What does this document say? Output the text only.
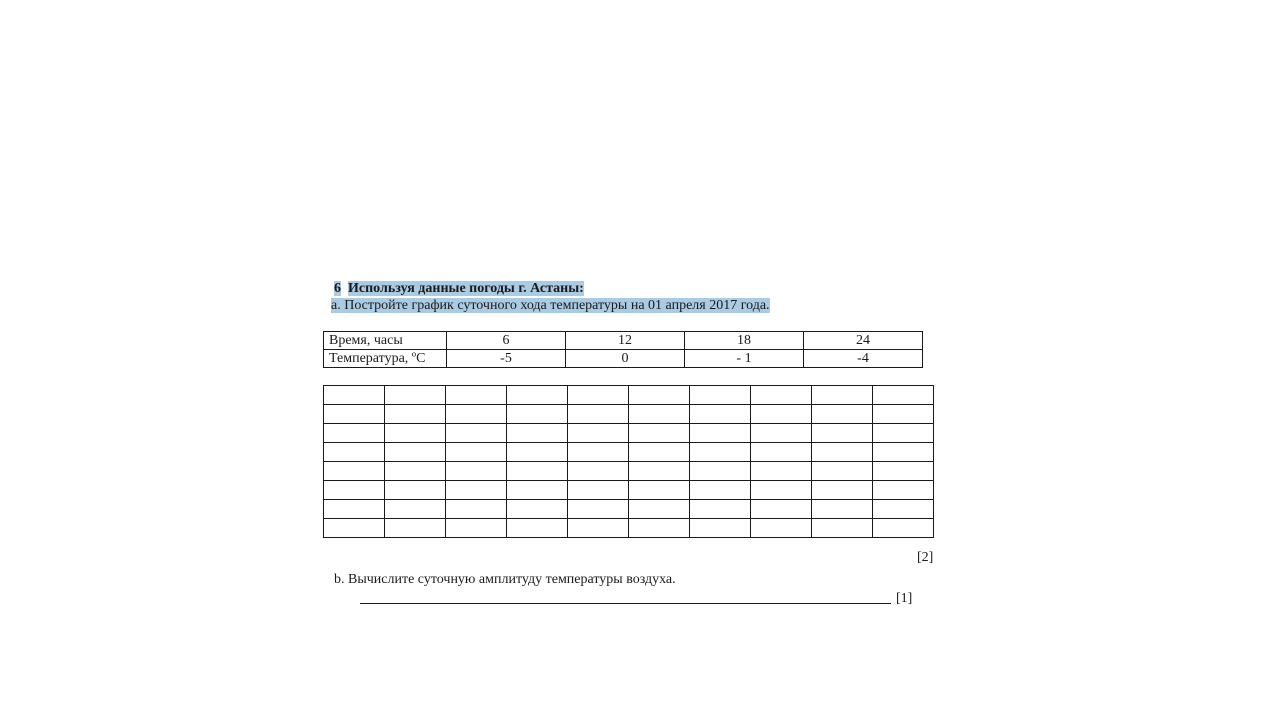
6 Используя данные погоды г. Астаны:
a. Постройте график суточного хода температуры на 01 апреля 2017 года.
Время, часы	6	12	18	24
Температура, ºС	-5	0	- 1	-4

[2]
b. Вычислите суточную амплитуду температуры воздуха.
[1]
